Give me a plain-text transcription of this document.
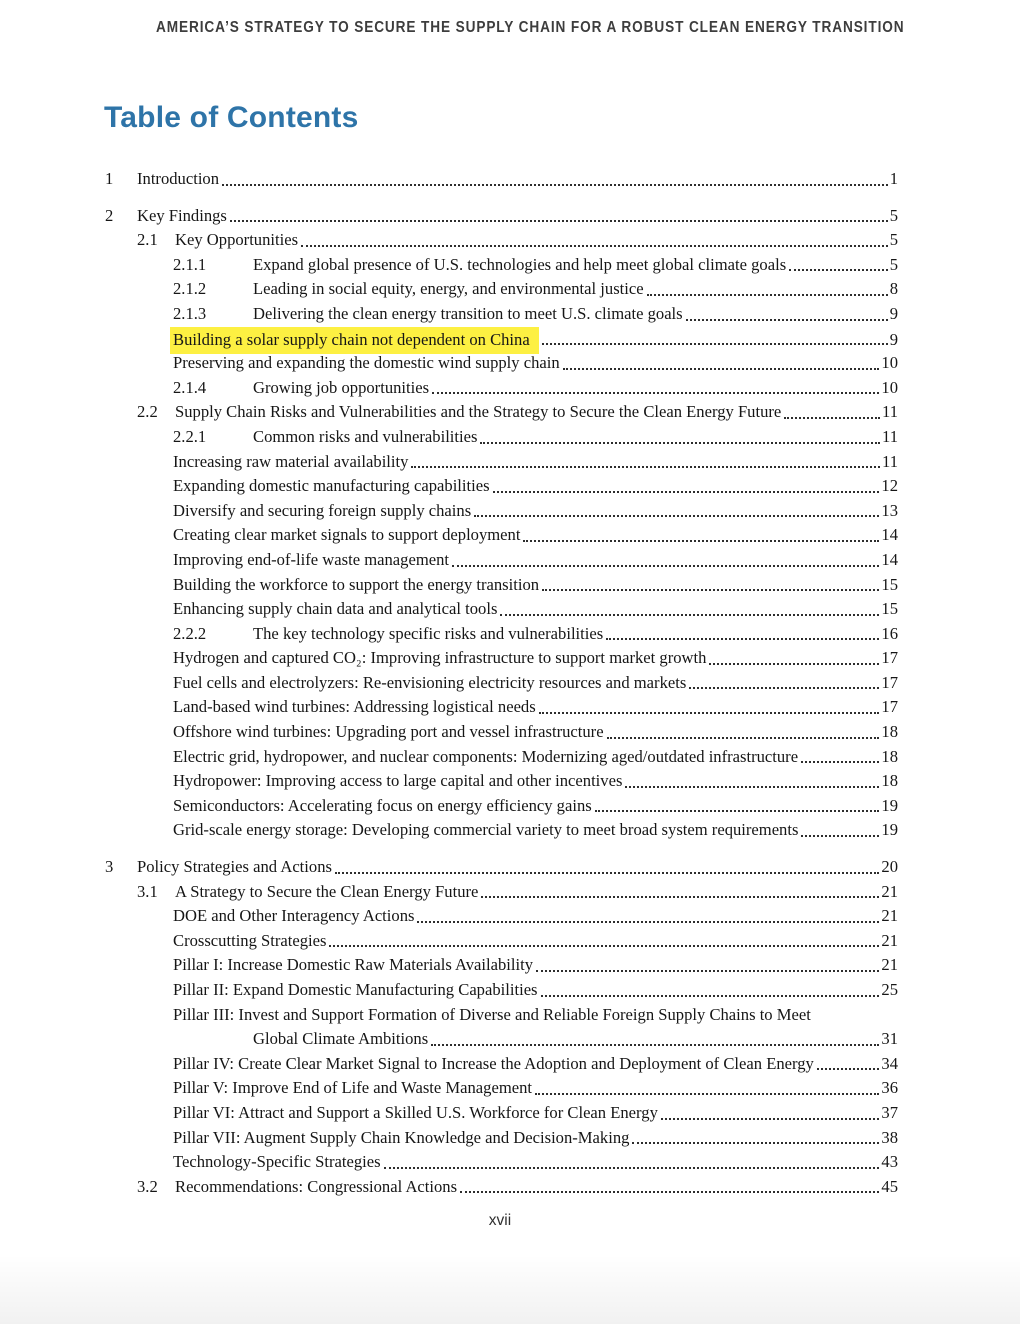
AMERICA’S STRATEGY TO SECURE THE SUPPLY CHAIN FOR A ROBUST CLEAN ENERGY TRANSITION
Table of Contents
1	Introduction	1
2	Key Findings	5
2.1	Key Opportunities	5
2.1.1	Expand global presence of U.S. technologies and help meet global climate goals	5
2.1.2	Leading in social equity, energy, and environmental justice	8
2.1.3	Delivering the clean energy transition to meet U.S. climate goals	9
Building a solar supply chain not dependent on China	9
Preserving and expanding the domestic wind supply chain	10
2.1.4	Growing job opportunities	10
2.2	Supply Chain Risks and Vulnerabilities and the Strategy to Secure the Clean Energy Future	11
2.2.1	Common risks and vulnerabilities	11
Increasing raw material availability	11
Expanding domestic manufacturing capabilities	12
Diversify and securing foreign supply chains	13
Creating clear market signals to support deployment	14
Improving end-of-life waste management	14
Building the workforce to support the energy transition	15
Enhancing supply chain data and analytical tools	15
2.2.2	The key technology specific risks and vulnerabilities	16
Hydrogen and captured CO₂: Improving infrastructure to support market growth	17
Fuel cells and electrolyzers: Re-envisioning electricity resources and markets	17
Land-based wind turbines: Addressing logistical needs	17
Offshore wind turbines: Upgrading port and vessel infrastructure	18
Electric grid, hydropower, and nuclear components: Modernizing aged/outdated infrastructure	18
Hydropower: Improving access to large capital and other incentives	18
Semiconductors: Accelerating focus on energy efficiency gains	19
Grid-scale energy storage: Developing commercial variety to meet broad system requirements	19
3	Policy Strategies and Actions	20
3.1	A Strategy to Secure the Clean Energy Future	21
DOE and Other Interagency Actions	21
Crosscutting Strategies	21
Pillar I: Increase Domestic Raw Materials Availability	21
Pillar II: Expand Domestic Manufacturing Capabilities	25
Pillar III: Invest and Support Formation of Diverse and Reliable Foreign Supply Chains to Meet
Global Climate Ambitions	31
Pillar IV: Create Clear Market Signal to Increase the Adoption and Deployment of Clean Energy	34
Pillar V: Improve End of Life and Waste Management	36
Pillar VI: Attract and Support a Skilled U.S. Workforce for Clean Energy	37
Pillar VII: Augment Supply Chain Knowledge and Decision-Making	38
Technology-Specific Strategies	43
3.2	Recommendations: Congressional Actions	45
xvii
